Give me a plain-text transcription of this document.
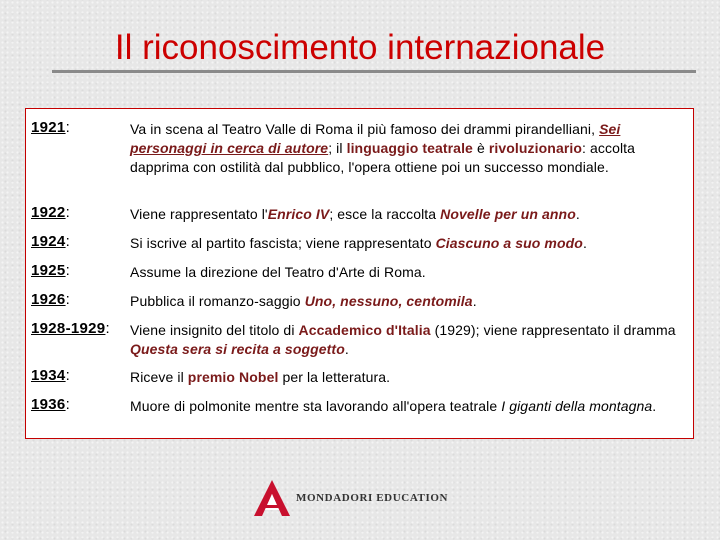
Il riconoscimento internazionale
1921:	Va in scena al Teatro Valle di Roma il più famoso dei drammi pirandelliani, Sei personaggi in cerca di autore; il linguaggio teatrale è rivoluzionario: accolta dapprima con ostilità dal pubblico, l'opera ottiene poi un successo mondiale.
1922:	Viene rappresentato l'Enrico IV; esce la raccolta Novelle per un anno.
1924:	Si iscrive al partito fascista; viene rappresentato Ciascuno a suo modo.
1925:	Assume la direzione del Teatro d'Arte di Roma.
1926:	Pubblica il romanzo-saggio Uno, nessuno, centomila.
1928-1929: Viene insignito del titolo di Accademico d'Italia (1929); viene rappresentato il dramma Questa sera si recita a soggetto.
1934:	Riceve il premio Nobel per la letteratura.
1936:	Muore di polmonite mentre sta lavorando all'opera teatrale I giganti della montagna.
MONDADORI EDUCATION
